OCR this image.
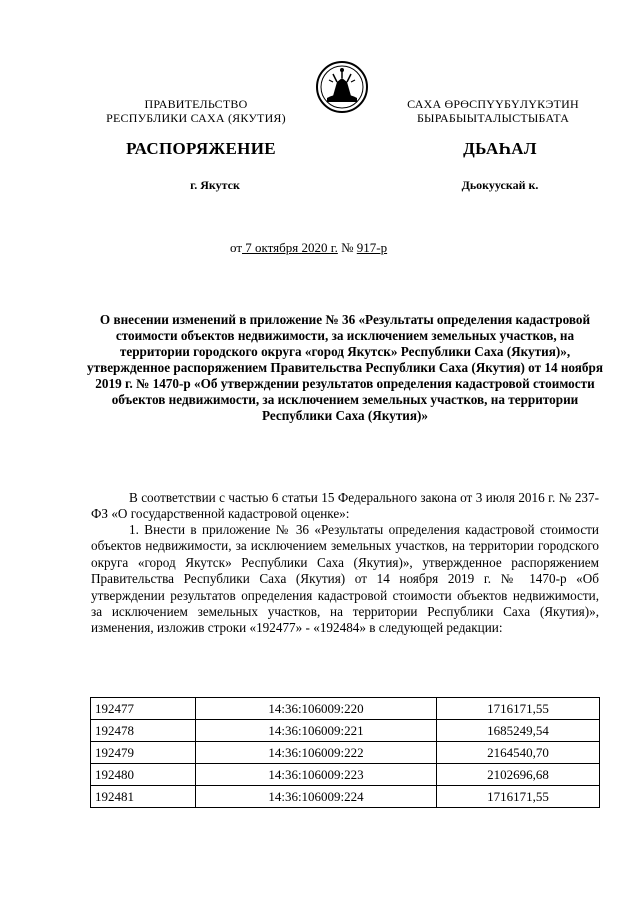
ПРАВИТЕЛЬСТВО
РЕСПУБЛИКИ САХА (ЯКУТИЯ)
САХА ӨРӨСПҮҮБҮЛҮКЭТИН
БЫРАБЫЫТАЛЫСТЫБАТА
РАСПОРЯЖЕНИЕ	ДЬАҺАЛ
г. Якутск	Дьокуускай к.
от 7 октября 2020 г. № 917-р
О внесении изменений в приложение № 36 «Результаты определения кадастровой стоимости объектов недвижимости, за исключением земельных участков, на территории городского округа «город Якутск» Республики Саха (Якутия)», утвержденное распоряжением Правительства Республики Саха (Якутия) от 14 ноября 2019 г. № 1470-р «Об утверждении результатов определения кадастровой стоимости объектов недвижимости, за исключением земельных участков, на территории Республики Саха (Якутия)»
В соответствии с частью 6 статьи 15 Федерального закона от 3 июля 2016 г. № 237-ФЗ «О государственной кадастровой оценке»:
1. Внести в приложение № 36 «Результаты определения кадастровой стоимости объектов недвижимости, за исключением земельных участков, на территории городского округа «город Якутск» Республики Саха (Якутия)», утвержденное распоряжением Правительства Республики Саха (Якутия) от 14 ноября 2019 г. № 1470-р «Об утверждении результатов определения кадастровой стоимости объектов недвижимости, за исключением земельных участков, на территории Республики Саха (Якутия)», изменения, изложив строки «192477» - «192484» в следующей редакции:
192477	14:36:106009:220	1716171,55
192478	14:36:106009:221	1685249,54
192479	14:36:106009:222	2164540,70
192480	14:36:106009:223	2102696,68
192481	14:36:106009:224	1716171,55
